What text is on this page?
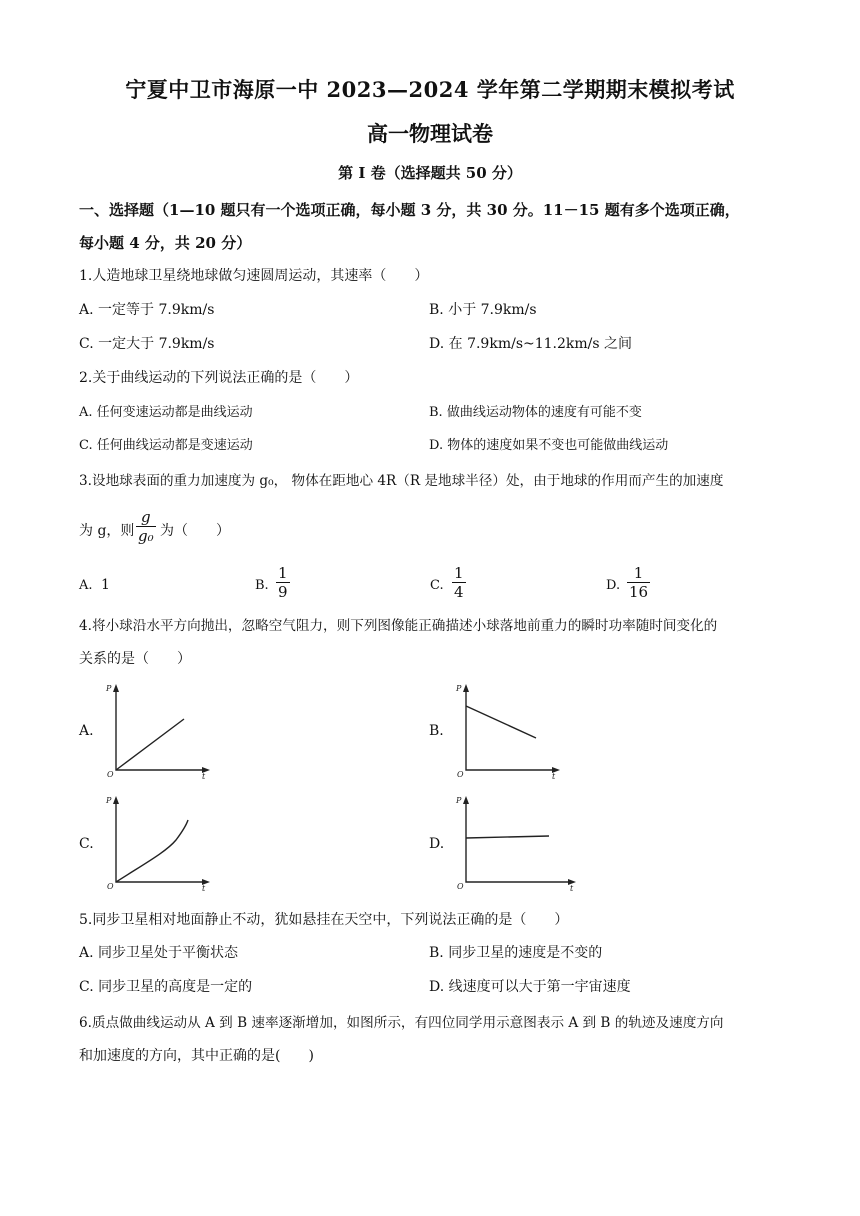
宁夏中卫市海原一中 2023—2024 学年第二学期期末模拟考试
高一物理试卷
第 I 卷（选择题共 50 分）
一、选择题（1—10 题只有一个选项正确，每小题 3 分，共 30 分。11－15 题有多个选项正确，
每小题 4 分，共 20 分）
1.人造地球卫星绕地球做匀速圆周运动，其速率（　　）
A. 一定等于 7.9km/s	B. 小于 7.9km/s
C. 一定大于 7.9km/s	D. 在 7.9km/s~11.2km/s 之间
2.关于曲线运动的下列说法正确的是（　　）
A. 任何变速运动都是曲线运动	B. 做曲线运动物体的速度有可能不变
C. 任何曲线运动都是变速运动	D. 物体的速度如果不变也可能做曲线运动
3.设地球表面的重力加速度为 g₀， 物体在距地心 4R（R 是地球半径）处，由于地球的作用而产生的加速度
为 g，则 $\frac{g}{\text{g₀}}$ 为（　　）
A. 1	B. $\frac{1}{9}$	C. $\frac{1}{4}$	D. $\frac{1}{16}$
4.将小球沿水平方向抛出，忽略空气阻力，则下列图像能正确描述小球落地前重力的瞬时功率随时间变化的
关系的是（　　）
A.	B.
C.	D.
P
t
O
P
t
O
P
t
O
P
t
O
5.同步卫星相对地面静止不动，犹如悬挂在天空中，下列说法正确的是（　　）
A. 同步卫星处于平衡状态	B. 同步卫星的速度是不变的
C. 同步卫星的高度是一定的	D. 线速度可以大于第一宇宙速度
6.质点做曲线运动从 A 到 B 速率逐渐增加，如图所示，有四位同学用示意图表示 A 到 B 的轨迹及速度方向
和加速度的方向，其中正确的是(　　)
